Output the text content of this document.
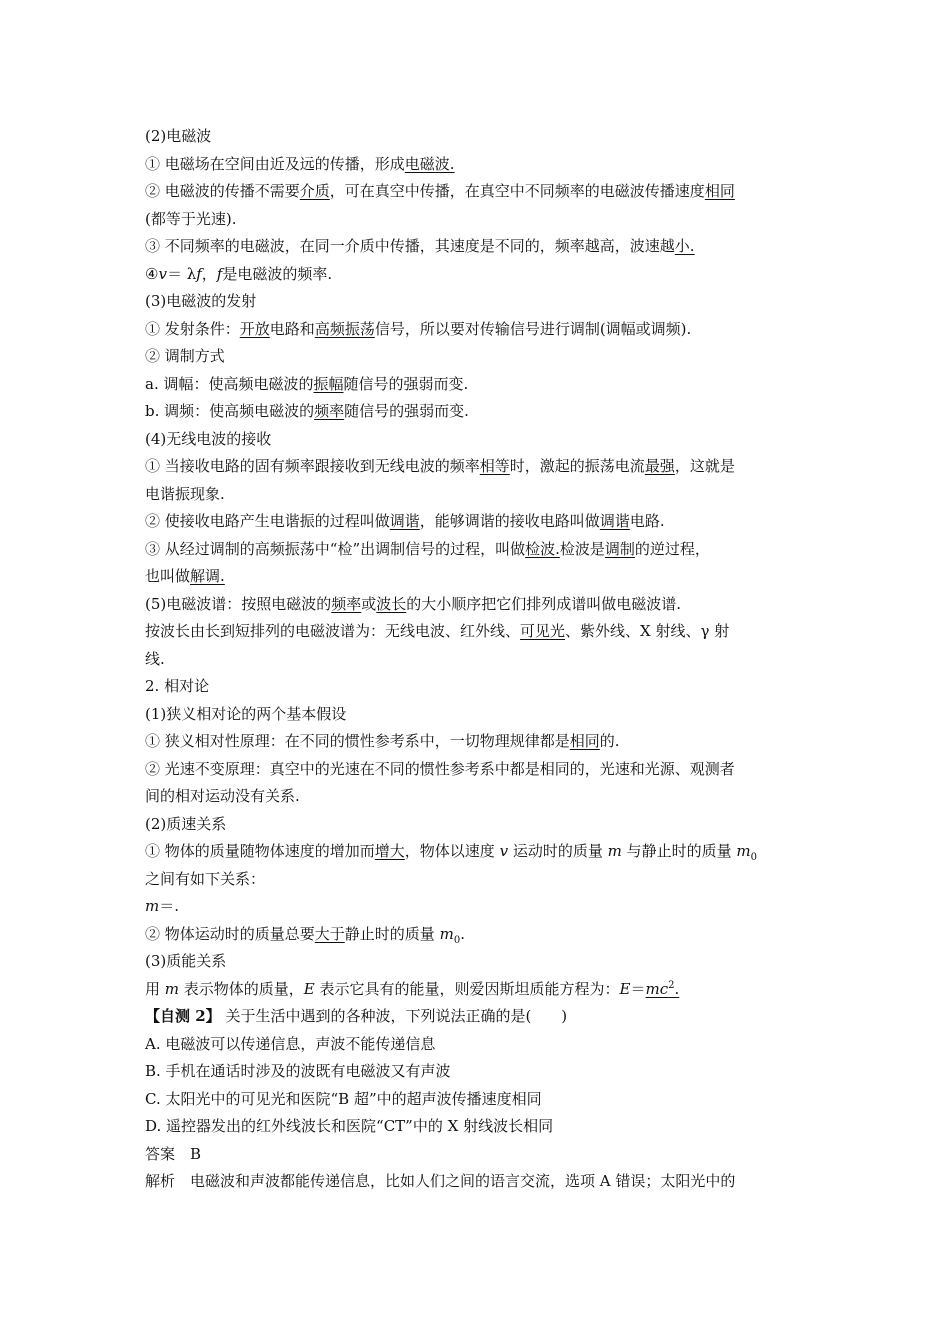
(2)电磁波
① 电磁场在空间由近及远的传播，形成电磁波.
② 电磁波的传播不需要介质，可在真空中传播，在真空中不同频率的电磁波传播速度相同
(都等于光速).
③ 不同频率的电磁波，在同一介质中传播，其速度是不同的，频率越高，波速越小.
④v＝ λf，f是电磁波的频率.
(3)电磁波的发射
① 发射条件：开放电路和高频振荡信号，所以要对传输信号进行调制(调幅或调频).
② 调制方式
a. 调幅：使高频电磁波的振幅随信号的强弱而变.
b. 调频：使高频电磁波的频率随信号的强弱而变.
(4)无线电波的接收
① 当接收电路的固有频率跟接收到无线电波的频率相等时，激起的振荡电流最强，这就是
电谐振现象.
② 使接收电路产生电谐振的过程叫做调谐，能够调谐的接收电路叫做调谐电路.
③ 从经过调制的高频振荡中“检”出调制信号的过程，叫做检波.检波是调制的逆过程，
也叫做解调.
(5)电磁波谱：按照电磁波的频率或波长的大小顺序把它们排列成谱叫做电磁波谱.
按波长由长到短排列的电磁波谱为：无线电波、红外线、可见光、紫外线、X 射线、γ 射
线.
2. 相对论
(1)狭义相对论的两个基本假设
① 狭义相对性原理：在不同的惯性参考系中，一切物理规律都是相同的.
② 光速不变原理：真空中的光速在不同的惯性参考系中都是相同的，光速和光源、观测者
间的相对运动没有关系.
(2)质速关系
① 物体的质量随物体速度的增加而增大，物体以速度 v 运动时的质量 m 与静止时的质量 $m_0$
之间有如下关系：
m＝.
② 物体运动时的质量总要大于静止时的质量 $m_0$.
(3)质能关系
用 m 表示物体的质量，E 表示它具有的能量，则爱因斯坦质能方程为：$E=mc^2$.
【自测 2】 关于生活中遇到的各种波，下列说法正确的是(　　)
A. 电磁波可以传递信息，声波不能传递信息
B. 手机在通话时涉及的波既有电磁波又有声波
C. 太阳光中的可见光和医院“B 超”中的超声波传播速度相同
D. 遥控器发出的红外线波长和医院“CT”中的 X 射线波长相同
答案　B
解析　电磁波和声波都能传递信息，比如人们之间的语言交流，选项 A 错误；太阳光中的
